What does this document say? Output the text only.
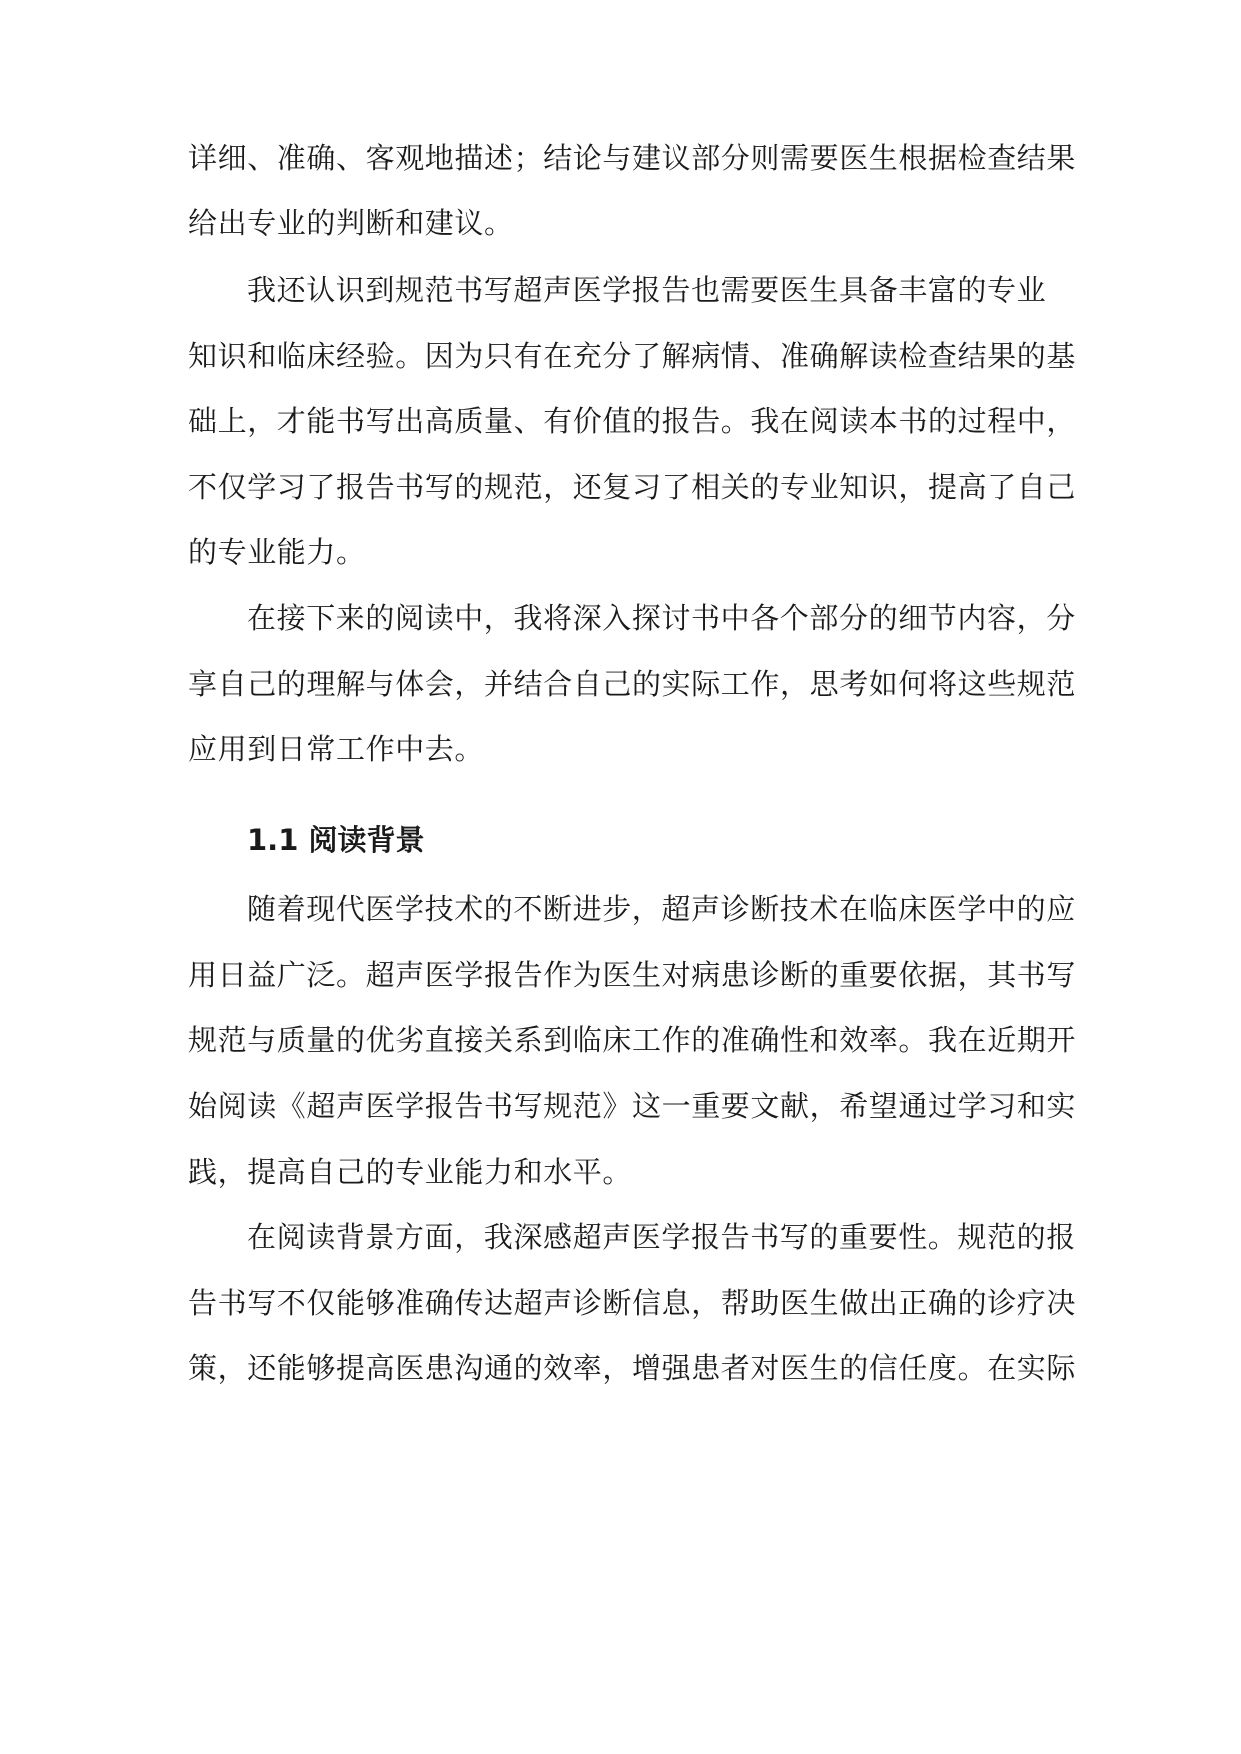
详细、准确、客观地描述；结论与建议部分则需要医生根据检查结果
给出专业的判断和建议。
我还认识到规范书写超声医学报告也需要医生具备丰富的专业
知识和临床经验。因为只有在充分了解病情、准确解读检查结果的基
础上，才能书写出高质量、有价值的报告。我在阅读本书的过程中，
不仅学习了报告书写的规范，还复习了相关的专业知识，提高了自己
的专业能力。
在接下来的阅读中，我将深入探讨书中各个部分的细节内容，分
享自己的理解与体会，并结合自己的实际工作，思考如何将这些规范
应用到日常工作中去。
1.1 阅读背景
随着现代医学技术的不断进步，超声诊断技术在临床医学中的应
用日益广泛。超声医学报告作为医生对病患诊断的重要依据，其书写
规范与质量的优劣直接关系到临床工作的准确性和效率。我在近期开
始阅读《超声医学报告书写规范》这一重要文献，希望通过学习和实
践，提高自己的专业能力和水平。
在阅读背景方面，我深感超声医学报告书写的重要性。规范的报
告书写不仅能够准确传达超声诊断信息，帮助医生做出正确的诊疗决
策，还能够提高医患沟通的效率，增强患者对医生的信任度。在实际
